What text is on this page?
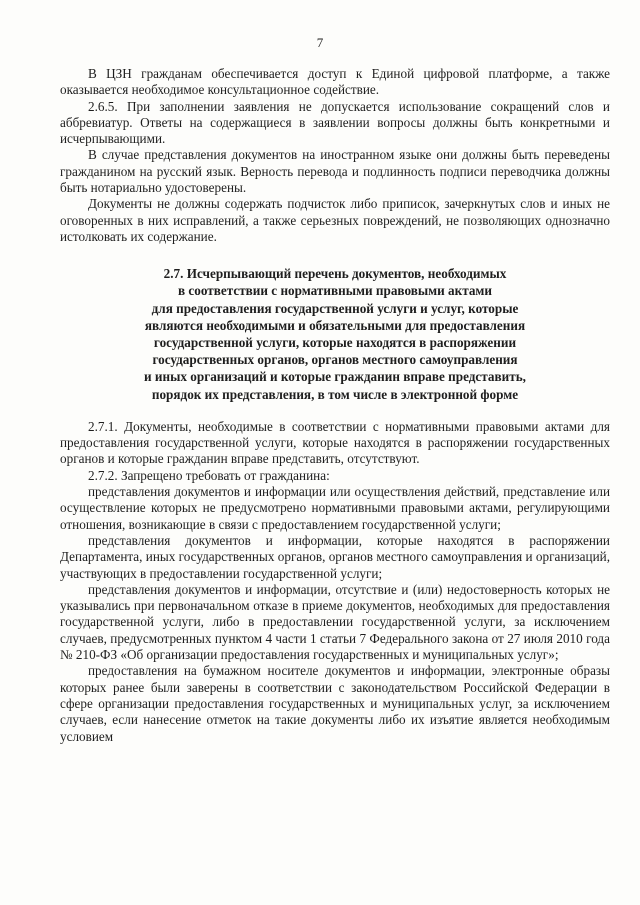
7

В ЦЗН гражданам обеспечивается доступ к Единой цифровой платформе, а также оказывается необходимое консультационное содействие.

2.6.5. При заполнении заявления не допускается использование сокращений слов и аббревиатур. Ответы на содержащиеся в заявлении вопросы должны быть конкретными и исчерпывающими.

В случае представления документов на иностранном языке они должны быть переведены гражданином на русский язык. Верность перевода и подлинность подписи переводчика должны быть нотариально удостоверены.

Документы не должны содержать подчисток либо приписок, зачеркнутых слов и иных не оговоренных в них исправлений, а также серьезных повреждений, не позволяющих однозначно истолковать их содержание.

2.7. Исчерпывающий перечень документов, необходимых
в соответствии с нормативными правовыми актами
для предоставления государственной услуги и услуг, которые
являются необходимыми и обязательными для предоставления
государственной услуги, которые находятся в распоряжении
государственных органов, органов местного самоуправления
и иных организаций и которые гражданин вправе представить,
порядок их представления, в том числе в электронной форме

2.7.1. Документы, необходимые в соответствии с нормативными правовыми актами для предоставления государственной услуги, которые находятся в распоряжении государственных органов и которые гражданин вправе представить, отсутствуют.

2.7.2. Запрещено требовать от гражданина:

представления документов и информации или осуществления действий, представление или осуществление которых не предусмотрено нормативными правовыми актами, регулирующими отношения, возникающие в связи с предоставлением государственной услуги;

представления документов и информации, которые находятся в распоряжении Департамента, иных государственных органов, органов местного самоуправления и организаций, участвующих в предоставлении государственной услуги;

представления документов и информации, отсутствие и (или) недостоверность которых не указывались при первоначальном отказе в приеме документов, необходимых для предоставления государственной услуги, либо в предоставлении государственной услуги, за исключением случаев, предусмотренных пунктом 4 части 1 статьи 7 Федерального закона от 27 июля 2010 года № 210-ФЗ «Об организации предоставления государственных и муниципальных услуг»;

предоставления на бумажном носителе документов и информации, электронные образы которых ранее были заверены в соответствии с законодательством Российской Федерации в сфере организации предоставления государственных и муниципальных услуг, за исключением случаев, если нанесение отметок на такие документы либо их изъятие является необходимым условием
